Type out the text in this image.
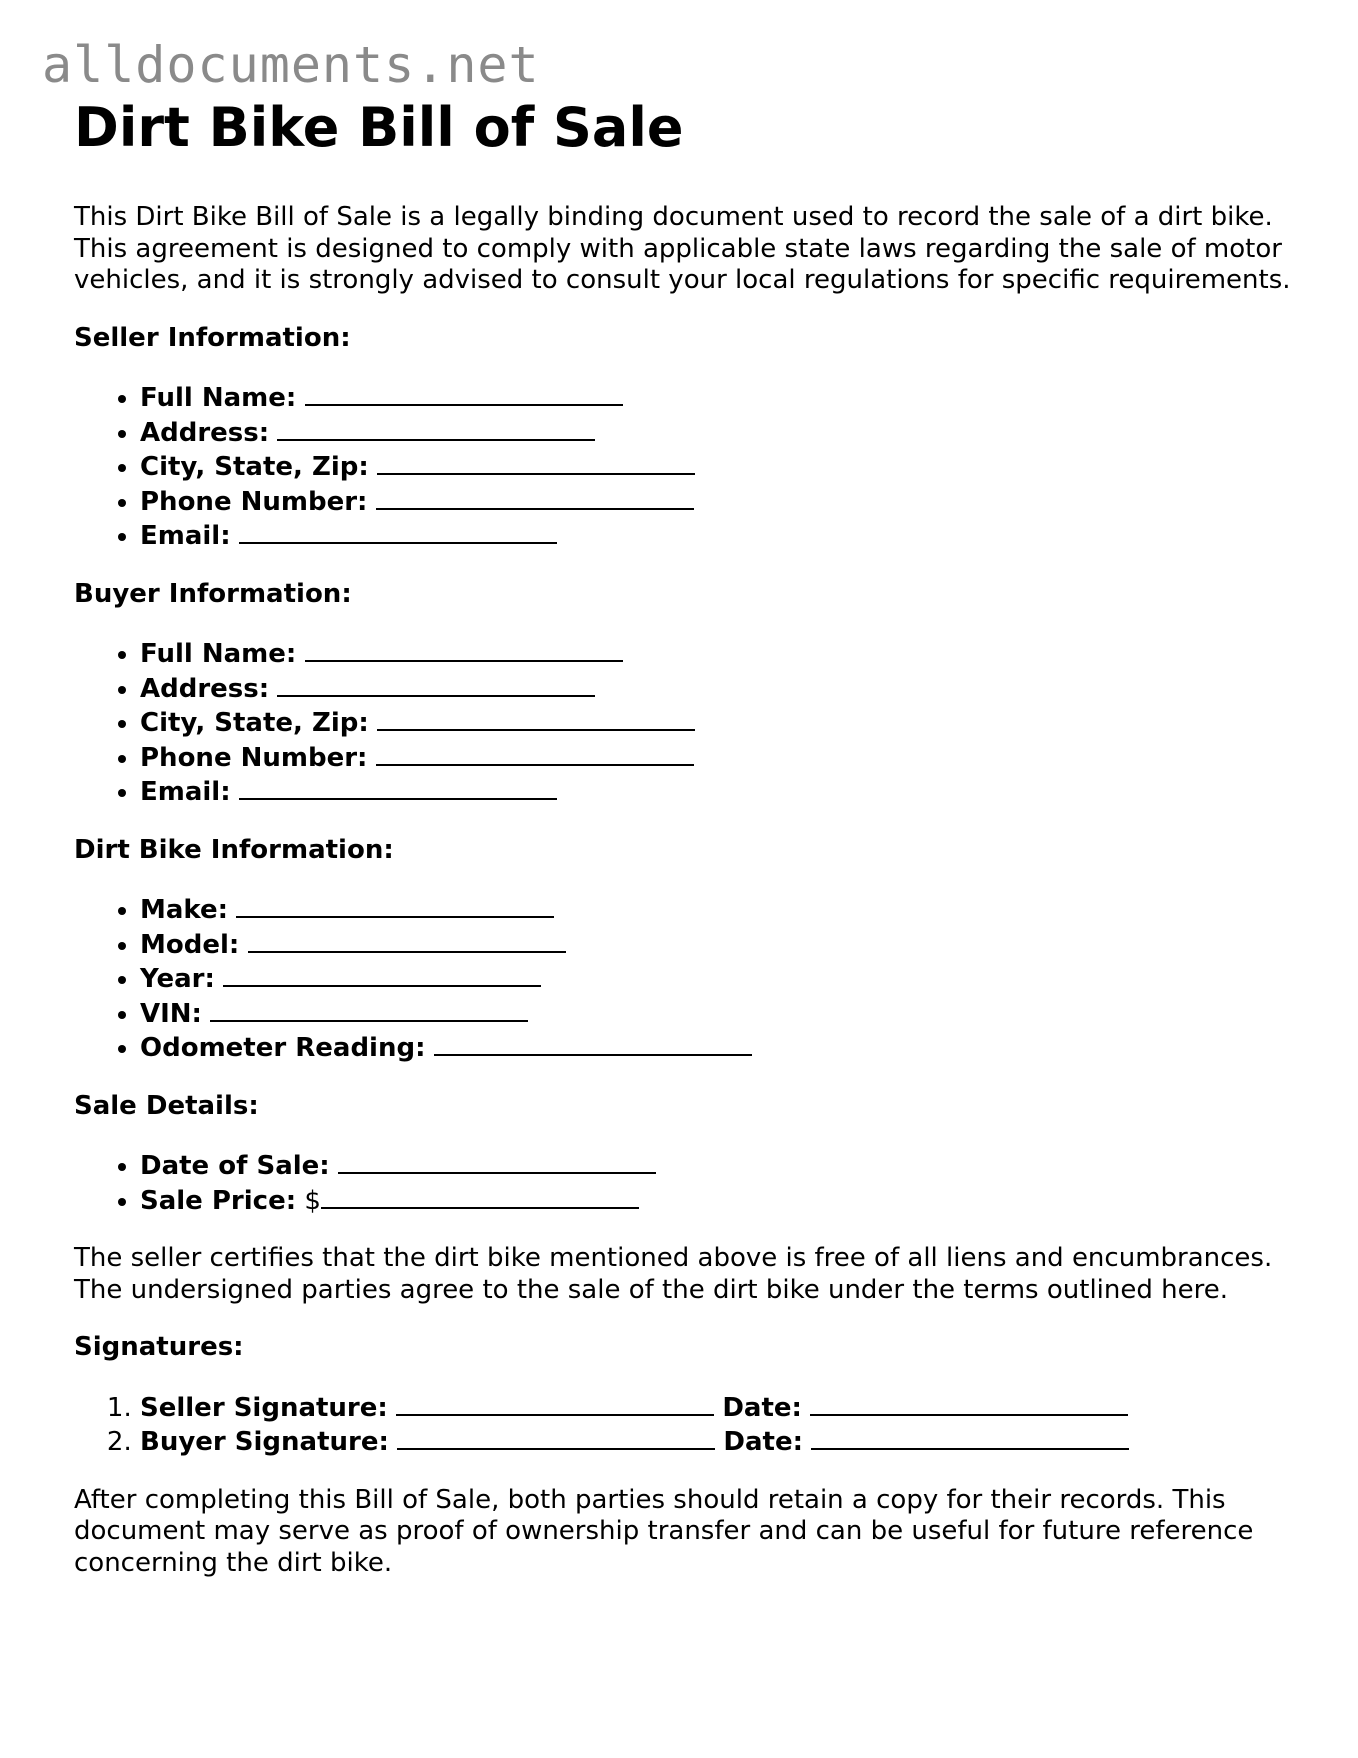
alldocuments.net
Dirt Bike Bill of Sale

This Dirt Bike Bill of Sale is a legally binding document used to record the sale of a dirt bike. This agreement is designed to comply with applicable state laws regarding the sale of motor vehicles, and it is strongly advised to consult your local regulations for specific requirements.

Seller Information:
• Full Name:
• Address:
• City, State, Zip:
• Phone Number:
• Email:
Buyer Information:
• Full Name:
• Address:
• City, State, Zip:
• Phone Number:
• Email:
Dirt Bike Information:
• Make:
• Model:
• Year:
• VIN:
• Odometer Reading:
Sale Details:
• Date of Sale:
• Sale Price: $

The seller certifies that the dirt bike mentioned above is free of all liens and encumbrances. The undersigned parties agree to the sale of the dirt bike under the terms outlined here.

Signatures:
1. Seller Signature:	Date:
2. Buyer Signature:	Date:

After completing this Bill of Sale, both parties should retain a copy for their records. This document may serve as proof of ownership transfer and can be useful for future reference concerning the dirt bike.
